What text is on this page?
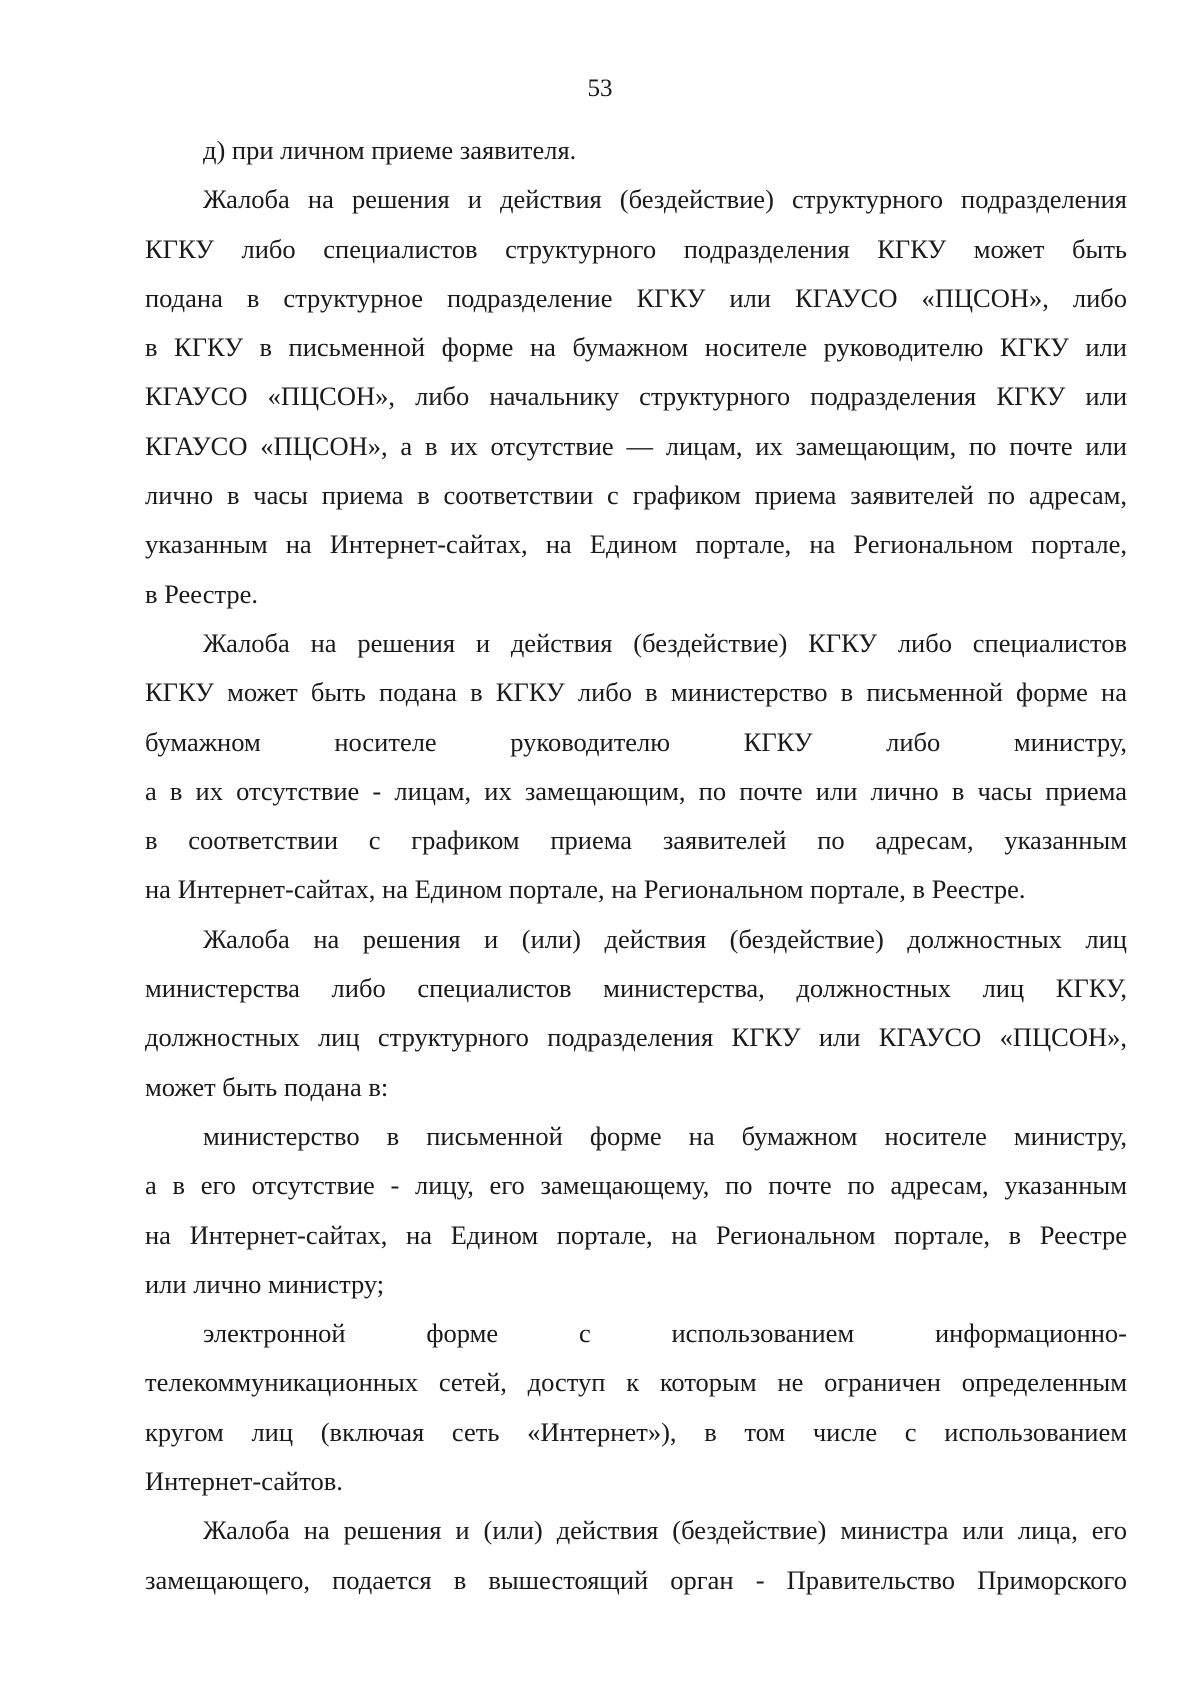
53
д) при личном приеме заявителя.
Жалоба на решения и действия (бездействие) структурного подразделения
КГКУ либо специалистов структурного подразделения КГКУ может быть
подана в структурное подразделение КГКУ или КГАУСО «ПЦСОН», либо
в КГКУ в письменной форме на бумажном носителе руководителю КГКУ или
КГАУСО «ПЦСОН», либо начальнику структурного подразделения КГКУ или
КГАУСО «ПЦСОН», а в их отсутствие — лицам, их замещающим, по почте или
лично в часы приема в соответствии с графиком приема заявителей по адресам,
указанным на Интернет-сайтах, на Едином портале, на Региональном портале,
в Реестре.
Жалоба на решения и действия (бездействие) КГКУ либо специалистов
КГКУ может быть подана в КГКУ либо в министерство в письменной форме на
бумажном носителе руководителю КГКУ либо министру,
а в их отсутствие - лицам, их замещающим, по почте или лично в часы приема
в соответствии с графиком приема заявителей по адресам, указанным
на Интернет-сайтах, на Едином портале, на Региональном портале, в Реестре.
Жалоба на решения и (или) действия (бездействие) должностных лиц
министерства либо специалистов министерства, должностных лиц КГКУ,
должностных лиц структурного подразделения КГКУ или КГАУСО «ПЦСОН»,
может быть подана в:
министерство в письменной форме на бумажном носителе министру,
а в его отсутствие - лицу, его замещающему, по почте по адресам, указанным
на Интернет-сайтах, на Едином портале, на Региональном портале, в Реестре
или лично министру;
электронной форме с использованием информационно-
телекоммуникационных сетей, доступ к которым не ограничен определенным
кругом лиц (включая сеть «Интернет»), в том числе с использованием
Интернет-сайтов.
Жалоба на решения и (или) действия (бездействие) министра или лица, его
замещающего, подается в вышестоящий орган - Правительство Приморского
